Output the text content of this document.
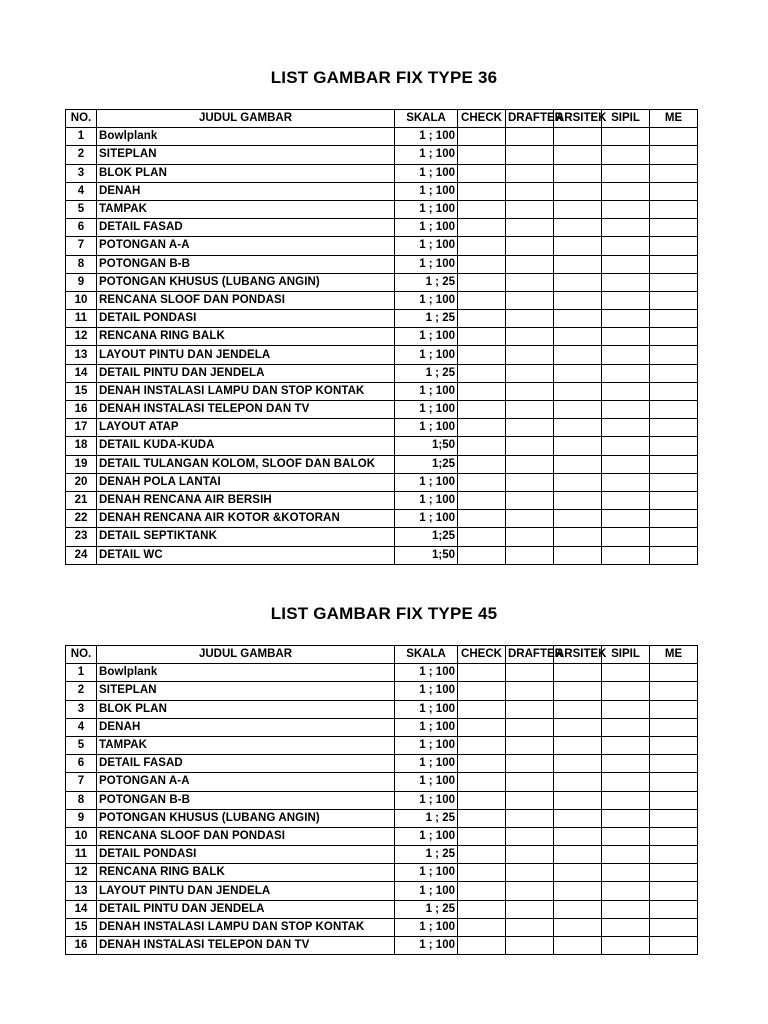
LIST GAMBAR FIX TYPE 36
NO.	JUDUL GAMBAR	SKALA	CHECK	DRAFTER	ARSITEK	SIPIL	ME
1	Bowlplank	1 ; 100					
2	SITEPLAN	1 ; 100					
3	BLOK PLAN	1 ; 100					
4	DENAH	1 ; 100					
5	TAMPAK	1 ; 100					
6	DETAIL FASAD	1 ; 100					
7	POTONGAN A-A	1 ; 100					
8	POTONGAN B-B	1 ; 100					
9	POTONGAN KHUSUS (LUBANG ANGIN)	1 ; 25					
10	RENCANA SLOOF DAN PONDASI	1 ; 100					
11	DETAIL PONDASI	1 ; 25					
12	RENCANA RING BALK	1 ; 100					
13	LAYOUT PINTU DAN JENDELA	1 ; 100					
14	DETAIL PINTU DAN JENDELA	1 ; 25					
15	DENAH INSTALASI LAMPU DAN STOP KONTAK	1 ; 100					
16	DENAH INSTALASI TELEPON DAN TV	1 ; 100					
17	LAYOUT ATAP	1 ; 100					
18	DETAIL KUDA-KUDA	1;50					
19	DETAIL TULANGAN KOLOM, SLOOF DAN BALOK	1;25					
20	DENAH POLA LANTAI	1 ; 100					
21	DENAH RENCANA AIR BERSIH	1 ; 100					
22	DENAH RENCANA AIR KOTOR &KOTORAN	1 ; 100					
23	DETAIL SEPTIKTANK	1;25					
24	DETAIL WC	1;50					
LIST GAMBAR FIX TYPE 45
NO.	JUDUL GAMBAR	SKALA	CHECK	DRAFTER	ARSITEK	SIPIL	ME
1	Bowlplank	1 ; 100					
2	SITEPLAN	1 ; 100					
3	BLOK PLAN	1 ; 100					
4	DENAH	1 ; 100					
5	TAMPAK	1 ; 100					
6	DETAIL FASAD	1 ; 100					
7	POTONGAN A-A	1 ; 100					
8	POTONGAN B-B	1 ; 100					
9	POTONGAN KHUSUS (LUBANG ANGIN)	1 ; 25					
10	RENCANA SLOOF DAN PONDASI	1 ; 100					
11	DETAIL PONDASI	1 ; 25					
12	RENCANA RING BALK	1 ; 100					
13	LAYOUT PINTU DAN JENDELA	1 ; 100					
14	DETAIL PINTU DAN JENDELA	1 ; 25					
15	DENAH INSTALASI LAMPU DAN STOP KONTAK	1 ; 100					
16	DENAH INSTALASI TELEPON DAN TV	1 ; 100					
